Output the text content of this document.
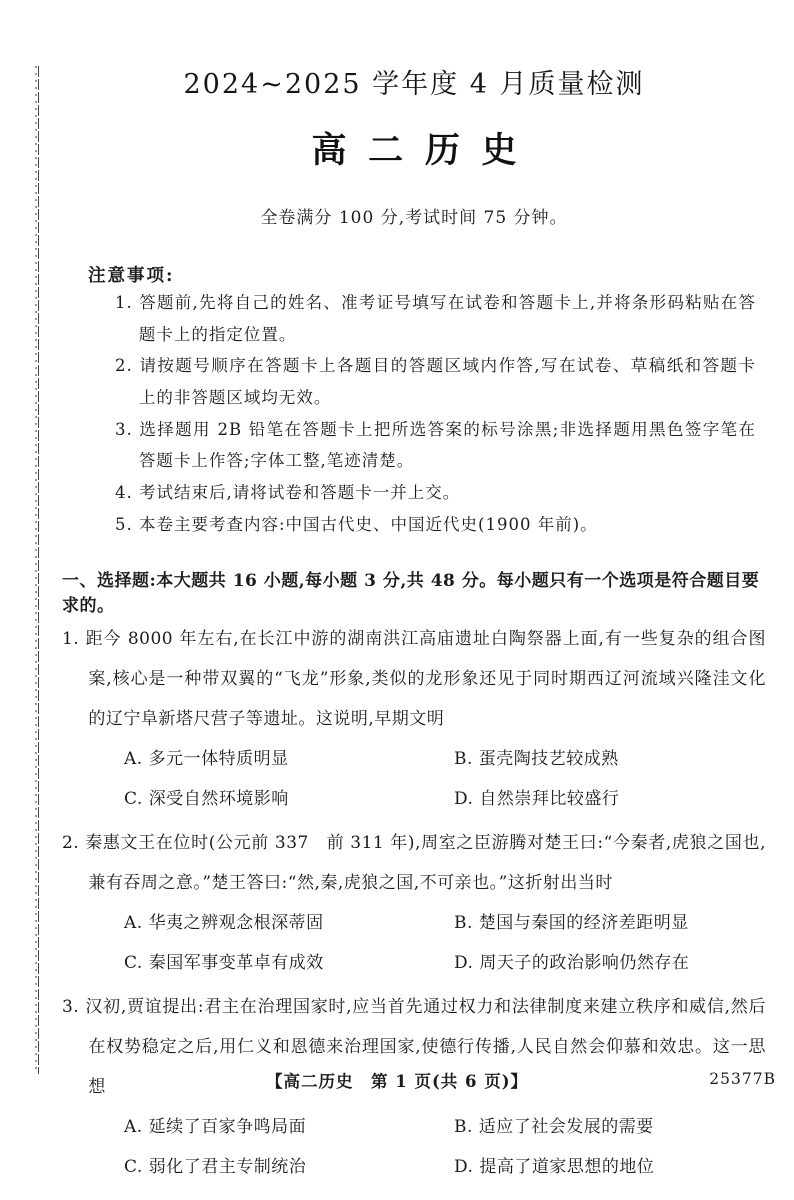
2024~2025 学年度 4 月质量检测
高二历史
全卷满分 100 分,考试时间 75 分钟。
注意事项:

1. 答题前,先将自己的姓名、准考证号填写在试卷和答题卡上,并将条形码粘贴在答题卡上的指定位置。

2. 请按题号顺序在答题卡上各题目的答题区域内作答,写在试卷、草稿纸和答题卡上的非答题区域均无效。

3. 选择题用 2B 铅笔在答题卡上把所选答案的标号涂黑;非选择题用黑色签字笔在答题卡上作答;字体工整,笔迹清楚。

4. 考试结束后,请将试卷和答题卡一并上交。

5. 本卷主要考查内容:中国古代史、中国近代史(1900 年前)。

一、选择题:本大题共 16 小题,每小题 3 分,共 48 分。每小题只有一个选项是符合题目要求的。

1. 距今 8000 年左右,在长江中游的湖南洪江高庙遗址白陶祭器上面,有一些复杂的组合图案,核心是一种带双翼的“飞龙”形象,类似的龙形象还见于同时期西辽河流域兴隆洼文化的辽宁阜新塔尺营子等遗址。这说明,早期文明

A. 多元一体特质明显	B. 蛋壳陶技艺较成熟
C. 深受自然环境影响	D. 自然崇拜比较盛行

2. 秦惠文王在位时(公元前 337　前 311 年),周室之臣游腾对楚王曰:“今秦者,虎狼之国也,兼有吞周之意。”楚王答曰:“然,秦,虎狼之国,不可亲也。”这折射出当时

A. 华夷之辨观念根深蒂固	B. 楚国与秦国的经济差距明显
C. 秦国军事变革卓有成效	D. 周天子的政治影响仍然存在

3. 汉初,贾谊提出:君主在治理国家时,应当首先通过权力和法律制度来建立秩序和威信,然后在权势稳定之后,用仁义和恩德来治理国家,使德行传播,人民自然会仰慕和效忠。这一思想

A. 延续了百家争鸣局面	B. 适应了社会发展的需要
C. 弱化了君主专制统治	D. 提高了道家思想的地位
【高二历史　第 1 页(共 6 页)】	25377B
